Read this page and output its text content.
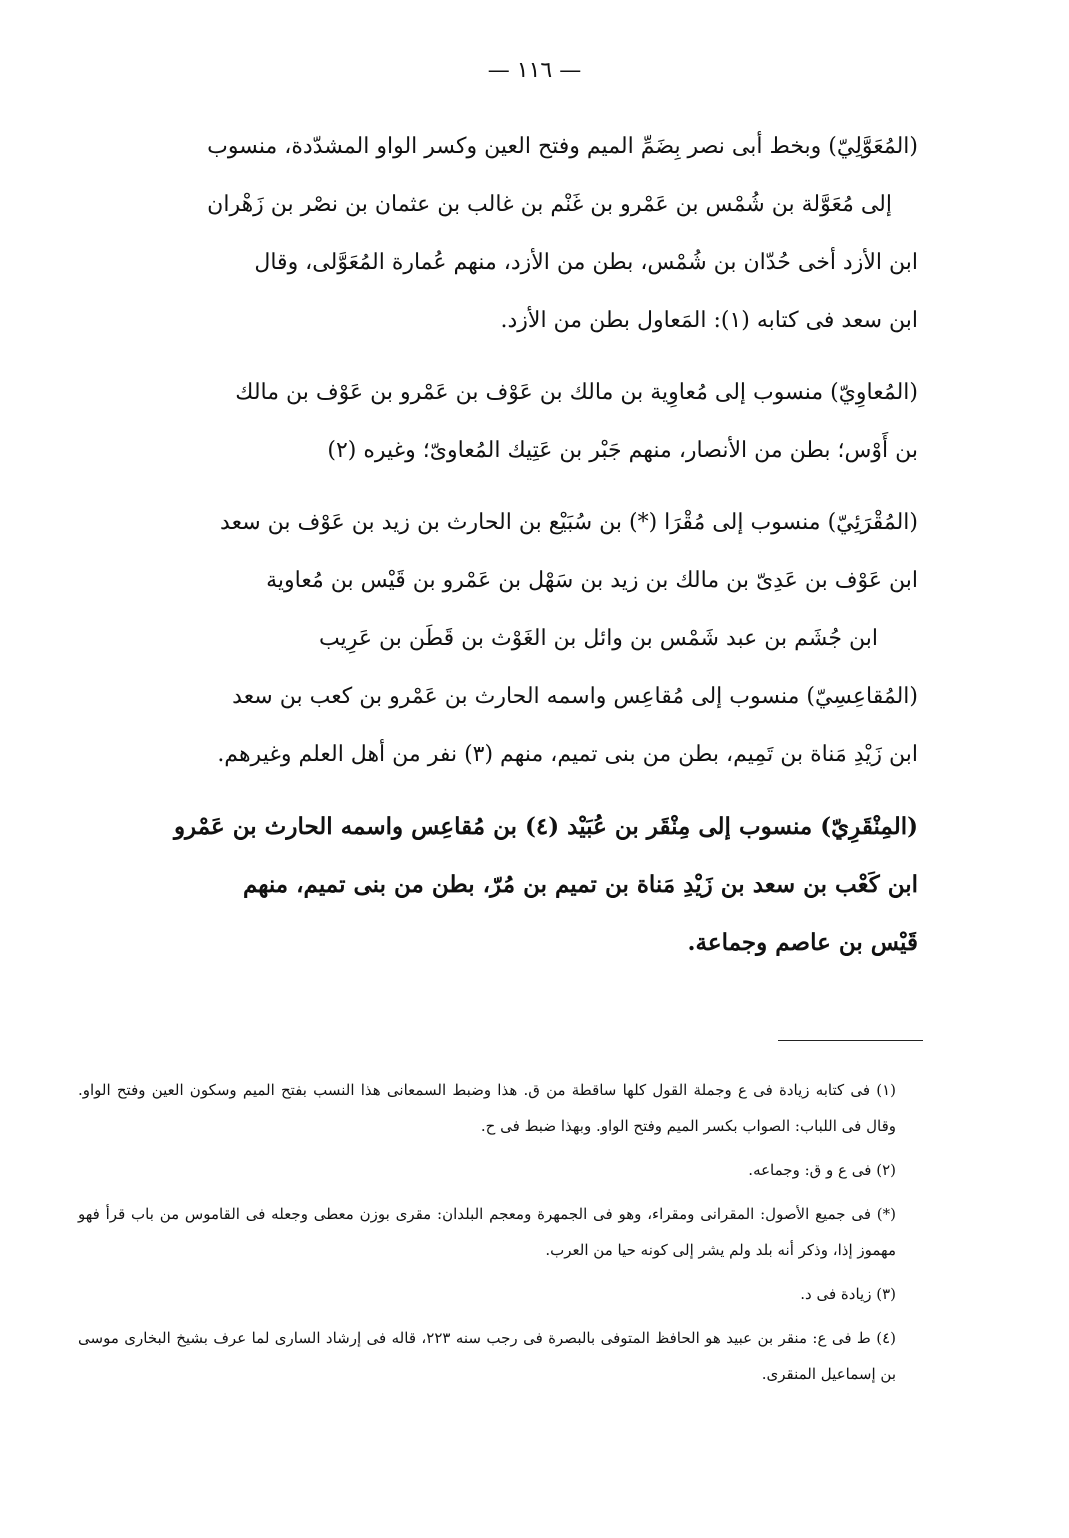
— ١١٦ —
(المُعَوَّلِيّ) وبخط أبى نصر بِضَمِّ الميم وفتح العين وكسر الواو المشدّدة، منسوب
إلى مُعَوَّلة بن شُمْس بن عَمْرو بن غَنْم بن غالب بن عثمان بن نصْر بن زَهْران
ابن الأزد أخى حُدّان بن شُمْس، بطن من الأزد، منهم عُمارة المُعَوَّلى، وقال
ابن سعد فى كتابه (١): المَعاول بطن من الأزد.
(المُعاوِيّ) منسوب إلى مُعاوِية بن مالك بن عَوْف بن عَمْرو بن عَوْف بن مالك
بن أَوْس؛ بطن من الأنصار، منهم جَبْر بن عَتِيك المُعاوىّ؛ وغيره (٢)
(المُقْرَئِيّ) منسوب إلى مُقْرَا (*) بن سُبَيْع بن الحارث بن زيد بن عَوْف بن سعد
ابن عَوْف بن عَدِىّ بن مالك بن زيد بن سَهْل بن عَمْرو بن قَيْس بن مُعاوية
ابن جُشَم بن عبد شَمْس بن وائل بن الغَوْث بن قَطَن بن عَرِيب
(المُقاعِسِيّ) منسوب إلى مُقاعِس واسمه الحارث بن عَمْرو بن كعب بن سعد
ابن زَيْدِ مَناة بن تَمِيم، بطن من بنى تميم، منهم (٣) نفر من أهل العلم وغيرهم.
(المِنْقَرِيّ) منسوب إلى مِنْقَر بن عُبَيْد (٤) بن مُقاعِس واسمه الحارث بن عَمْرو
ابن كَعْب بن سعد بن زَيْدِ مَناة بن تميم بن مُرّ، بطن من بنى تميم، منهم
قَيْس بن عاصم وجماعة.

(١) فى كتابه زيادة فى ع وجملة القول كلها ساقطة من ق. هذا وضبط السمعانى هذا النسب بفتح الميم وسكون العين وفتح الواو. وقال فى اللباب: الصواب بكسر الميم وفتح الواو. وبهذا ضبط فى ح.

(٢) فى ع و ق: وجماعه.

(*) فى جميع الأصول: المقرانى ومقراء، وهو فى الجمهرة ومعجم البلدان: مقرى بوزن معطى وجعله فى القاموس من باب قرأ فهو مهموز إذا، وذكر أنه بلد ولم يشر إلى كونه حيا من العرب.

(٣) زيادة فى د.

(٤) ط فى ع: منقر بن عبيد هو الحافظ المتوفى بالبصرة فى رجب سنه ٢٢٣، قاله فى إرشاد السارى لما عرف بشيخ البخارى موسى بن إسماعيل المنقرى.
